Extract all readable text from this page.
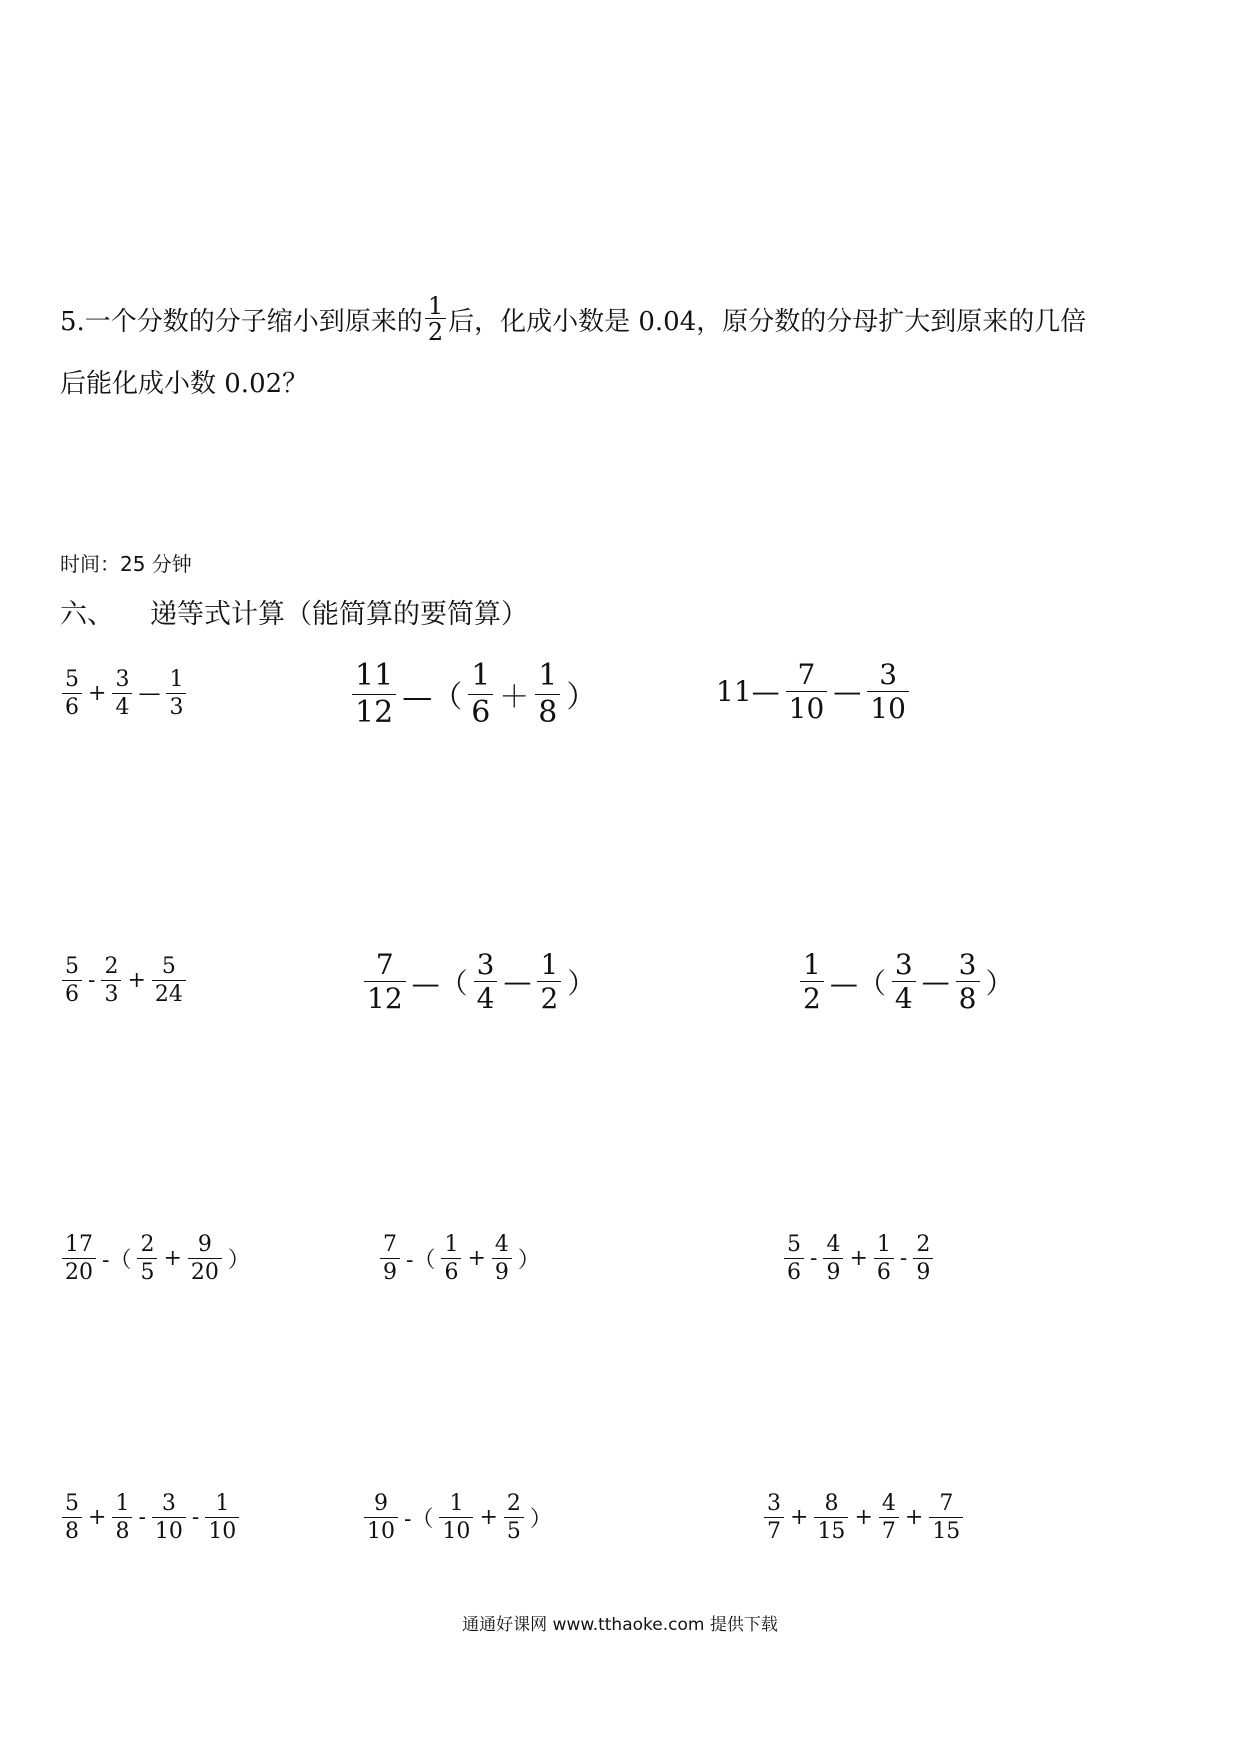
5.一个分数的分子缩小到原来的 $\frac{1}{2}$ 后，化成小数是 0.04，原分数的分母扩大到原来的几倍
后能化成小数 0.02？
时间：25 分钟
六、 递等式计算（能简算的要简算）
$\frac{5}{6} + \frac{3}{4}$ — $\frac{1}{3}$	$\frac{11}{12}$ —（ $\frac{1}{6} + \frac{1}{8}$ ）	11— $\frac{7}{10}$ — $\frac{3}{10}$
$\frac{5}{6} - \frac{2}{3} + \frac{5}{24}$	$\frac{7}{12}$ —（ $\frac{3}{4}$ — $\frac{1}{2}$ ）	$\frac{1}{2}$ —（ $\frac{3}{4}$ — $\frac{3}{8}$ ）
$\frac{17}{20}$ -（ $\frac{2}{5} + \frac{9}{20}$ ）	$\frac{7}{9}$ -（ $\frac{1}{6} + \frac{4}{9}$ ）	$\frac{5}{6} - \frac{4}{9} + \frac{1}{6} - \frac{2}{9}$
$\frac{5}{8} + \frac{1}{8} - \frac{3}{10} - \frac{1}{10}$	$\frac{9}{10}$ -（ $\frac{1}{10} + \frac{2}{5}$ ）	$\frac{3}{7} + \frac{8}{15} + \frac{4}{7} + \frac{7}{15}$
通通好课网 www.tthaoke.com 提供下载
